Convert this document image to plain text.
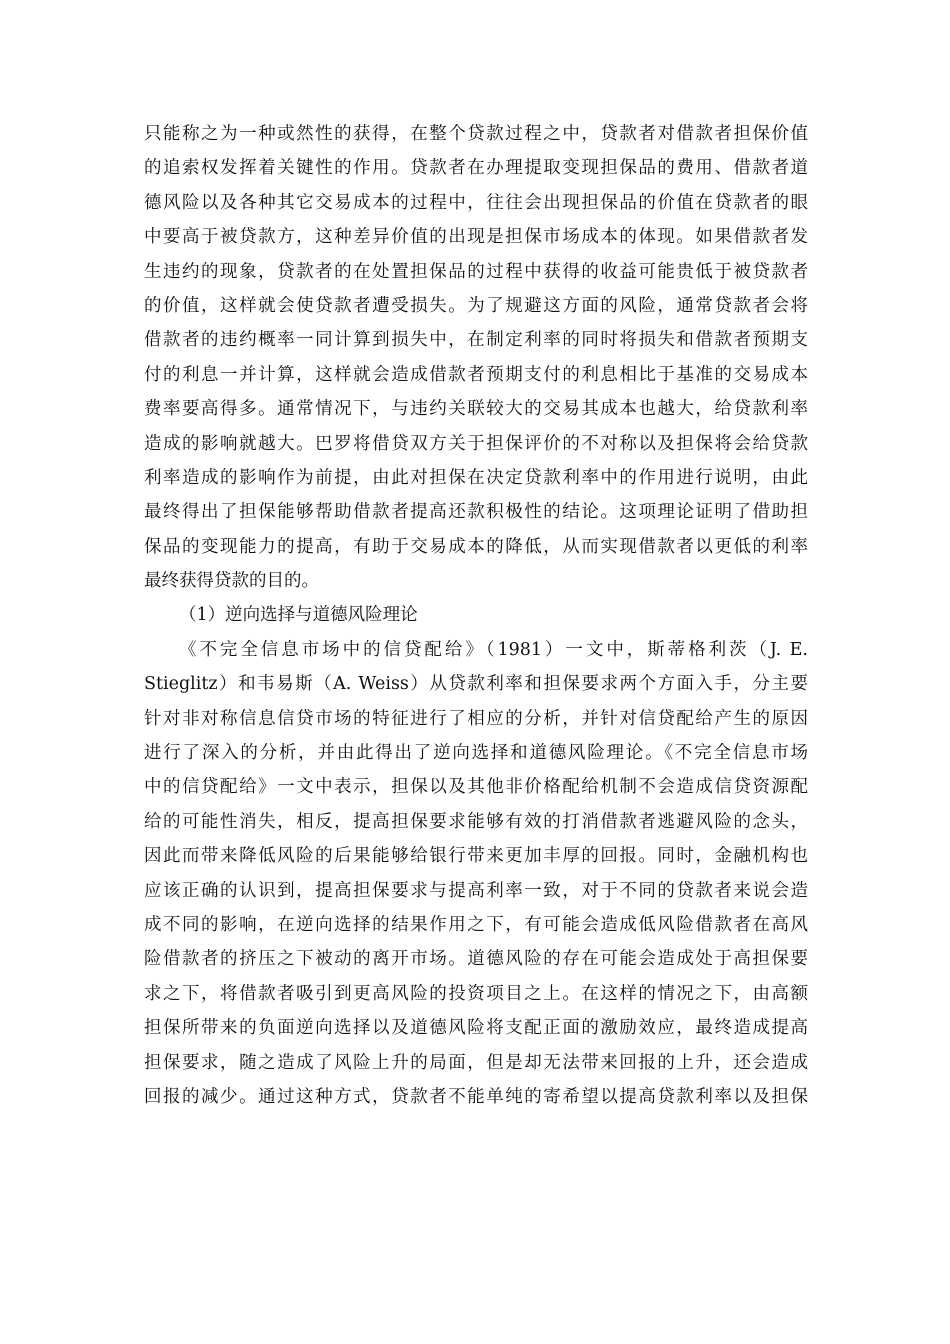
只能称之为一种或然性的获得，在整个贷款过程之中，贷款者对借款者担保价值
的追索权发挥着关键性的作用。贷款者在办理提取变现担保品的费用、借款者道
德风险以及各种其它交易成本的过程中，往往会出现担保品的价值在贷款者的眼
中要高于被贷款方，这种差异价值的出现是担保市场成本的体现。如果借款者发
生违约的现象，贷款者的在处置担保品的过程中获得的收益可能贵低于被贷款者
的价值，这样就会使贷款者遭受损失。为了规避这方面的风险，通常贷款者会将
借款者的违约概率一同计算到损失中，在制定利率的同时将损失和借款者预期支
付的利息一并计算，这样就会造成借款者预期支付的利息相比于基准的交易成本
费率要高得多。通常情况下，与违约关联较大的交易其成本也越大，给贷款利率
造成的影响就越大。巴罗将借贷双方关于担保评价的不对称以及担保将会给贷款
利率造成的影响作为前提，由此对担保在决定贷款利率中的作用进行说明，由此
最终得出了担保能够帮助借款者提高还款积极性的结论。这项理论证明了借助担
保品的变现能力的提高，有助于交易成本的降低，从而实现借款者以更低的利率
最终获得贷款的目的。
（1）逆向选择与道德风险理论
《不完全信息市场中的信贷配给》（1981）一文中，斯蒂格利茨（J. E.
Stieglitz）和韦易斯（A. Weiss）从贷款利率和担保要求两个方面入手，分主要
针对非对称信息信贷市场的特征进行了相应的分析，并针对信贷配给产生的原因
进行了深入的分析，并由此得出了逆向选择和道德风险理论。《不完全信息市场
中的信贷配给》一文中表示，担保以及其他非价格配给机制不会造成信贷资源配
给的可能性消失，相反，提高担保要求能够有效的打消借款者逃避风险的念头，
因此而带来降低风险的后果能够给银行带来更加丰厚的回报。同时，金融机构也
应该正确的认识到，提高担保要求与提高利率一致，对于不同的贷款者来说会造
成不同的影响，在逆向选择的结果作用之下，有可能会造成低风险借款者在高风
险借款者的挤压之下被动的离开市场。道德风险的存在可能会造成处于高担保要
求之下，将借款者吸引到更高风险的投资项目之上。在这样的情况之下，由高额
担保所带来的负面逆向选择以及道德风险将支配正面的激励效应，最终造成提高
担保要求，随之造成了风险上升的局面，但是却无法带来回报的上升，还会造成
回报的减少。通过这种方式，贷款者不能单纯的寄希望以提高贷款利率以及担保
